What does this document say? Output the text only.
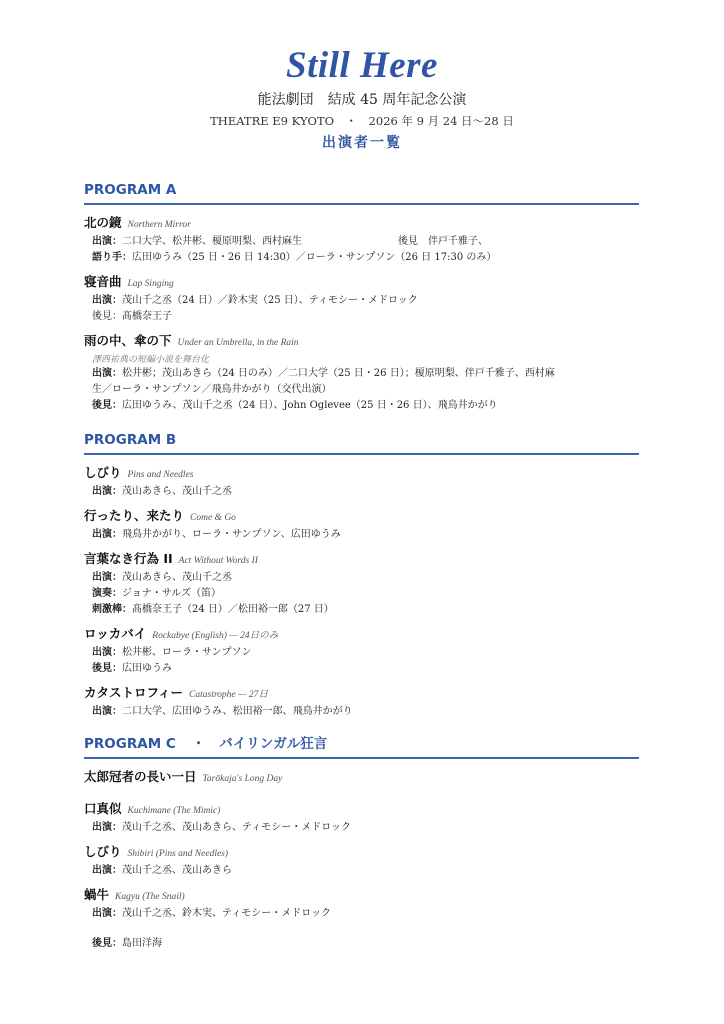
Still Here
能法劇団　結成 45 周年記念公演
THEATRE E9 KYOTO　・　2026 年 9 月 24 日〜28 日
出演者一覧
PROGRAM A
北の鏡 Northern Mirror
出演：二口大学、松井彬、榎原明梨、西村麻生	後見　伴戸千雅子、
語り手：広田ゆうみ（25 日・26 日 14:30）／ローラ・サンプソン（26 日 17:30 のみ）
寝音曲 Lap Singing
出演：茂山千之丞（24 日）／鈴木実（25 日）、ティモシー・メドロック
後見：髙橋奈王子
雨の中、傘の下 Under an Umbrella, in the Rain
澤西祐典の短編小説を舞台化
出演：松井彬；茂山あきら（24 日のみ）／二口大学（25 日・26 日）；榎原明梨、伴戸千雅子、西村麻
生／ローラ・サンプソン／飛鳥井かがり（交代出演）
後見：広田ゆうみ、茂山千之丞（24 日）、John Oglevee（25 日・26 日）、飛鳥井かがり
PROGRAM B
しびり Pins and Needles
出演：茂山あきら、茂山千之丞
行ったり、来たり Come & Go
出演：飛鳥井かがり、ローラ・サンプソン、広田ゆうみ
言葉なき行為 II Act Without Words II
出演：茂山あきら、茂山千之丞
演奏：ジョナ・サルズ（笛）
刺激棒：髙橋奈王子（24 日）／松田裕一郎（27 日）
ロッカバイ Rockabye (English) — 24日のみ
出演：松井彬、ローラ・サンプソン
後見：広田ゆうみ
カタストロフィー Catastrophe — 27日
出演：二口大学、広田ゆうみ、松田裕一郎、飛鳥井かがり
PROGRAM C ・ バイリンガル狂言
太郎冠者の長い一日 Tarōkaja's Long Day
口真似 Kuchimane (The Mimic)
出演：茂山千之丞、茂山あきら、ティモシー・メドロック
しびり Shibiri (Pins and Needles)
出演：茂山千之丞、茂山あきら
蝸牛 Kagyu (The Snail)
出演：茂山千之丞、鈴木実、ティモシー・メドロック
後見：島田洋海
